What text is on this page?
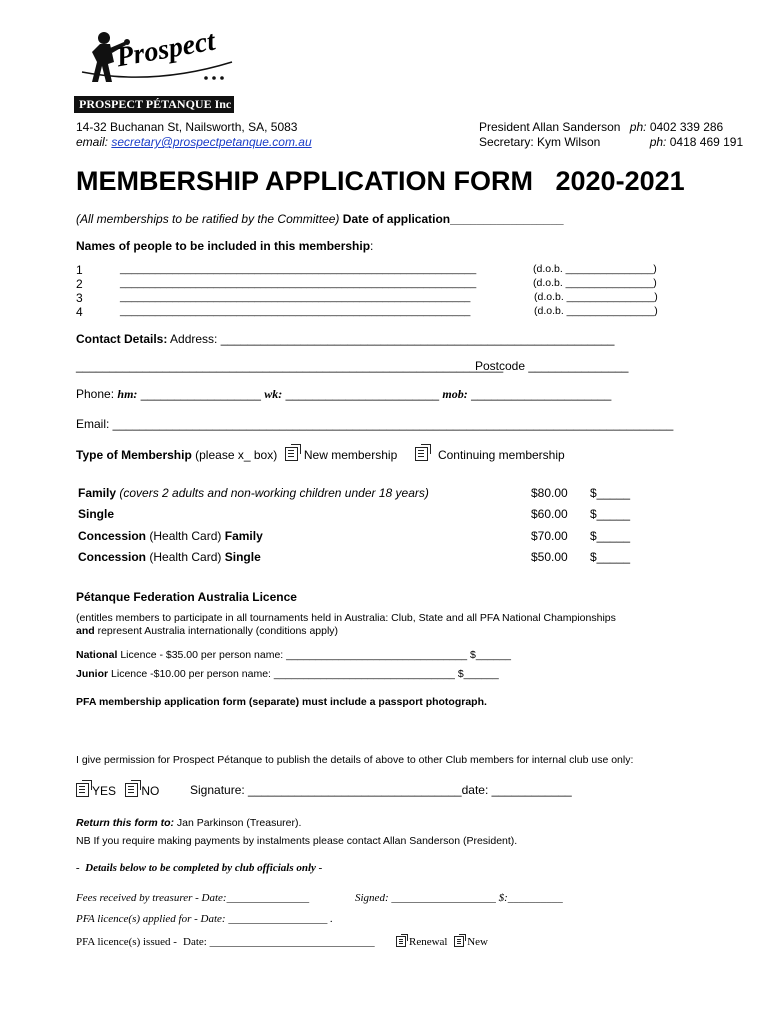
Prospect
PROSPECT PÉTANQUE Inc
14-32 Buchanan St, Nailsworth, SA, 5083
email: secretary@prospectpetanque.com.au
President Allan Sanderson ph: 0402 339 286
Secretary: Kym Wilson	ph: 0418 469 191
MEMBERSHIP APPLICATION FORM   2020-2021
(All memberships to be ratified by the Committee) Date of application_________________
Names of people to be included in this membership:
1	_____________________________________________________________	(d.o.b. _______________)
2	_____________________________________________________________	(d.o.b. _______________)
3	____________________________________________________________	(d.o.b. _______________)
4	____________________________________________________________	(d.o.b. _______________)
Contact Details: Address: ___________________________________________________________
________________________________________________________________
Postcode _______________
Phone: hm: __________________ wk: _______________________ mob: _____________________
Email: ____________________________________________________________________________________
Type of Membership (please x_ box) New membership	Continuing membership
Family (covers 2 adults and non-working children under 18 years)	$80.00 $_____
Single	$60.00 $_____
Concession (Health Card) Family	$70.00 $_____
Concession (Health Card) Single	$50.00 $_____
Pétanque Federation Australia Licence
(entitles members to participate in all tournaments held in Australia: Club, State and all PFA National Championships
and represent Australia internationally (conditions apply)
National Licence - $35.00 per person name: _______________________________ $______
Junior Licence -$10.00 per person name: _______________________________ $______
PFA membership application form (separate) must include a passport photograph.
I give permission for Prospect Pétanque to publish the details of above to other Club members for internal club use only:
YES NO	Signature: ________________________________date: ____________
Return this form to: Jan Parkinson (Treasurer).
NB If you require making payments by instalments please contact Allan Sanderson (President).
-  Details below to be completed by club officials only -
Fees received by treasurer - Date:_______________	Signed: ___________________ $:__________
PFA licence(s) applied for - Date: __________________ .
PFA licence(s) issued - Date: ______________________________	Renewal New
